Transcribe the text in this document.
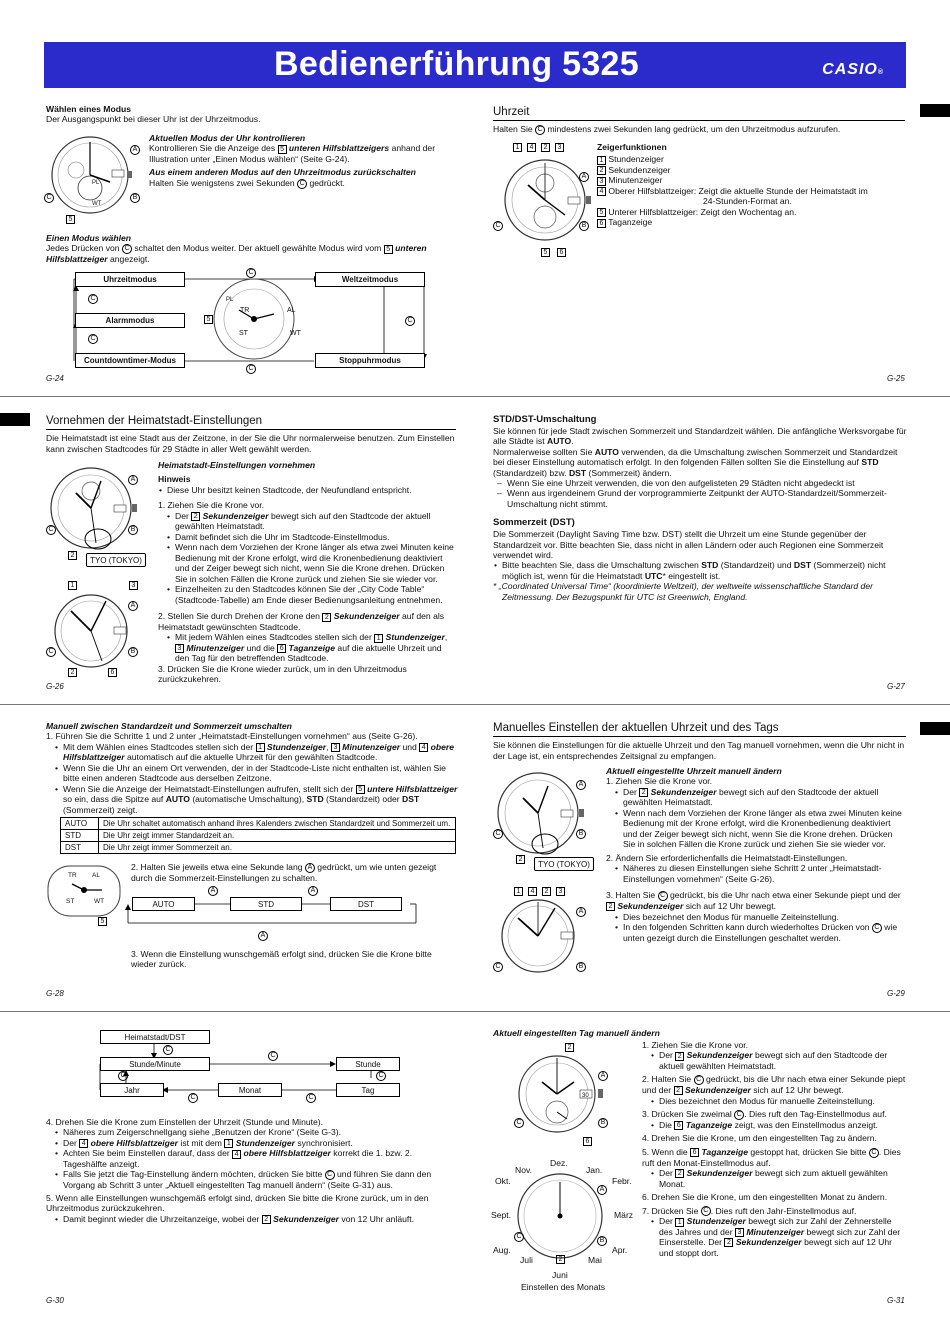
Bedienerführung 5325	CASIO®

Wählen eines Modus

Der Ausgangspunkt bei dieser Uhr ist der Uhrzeitmodus.

A
B
C
PL
WT
5

Aktuellen Modus der Uhr kontrollieren

Kontrollieren Sie die Anzeige des 5 unteren Hilfsblattzeigers anhand der Illustration unter „Einen Modus wählen“ (Seite G-24).

Aus einem anderen Modus auf den Uhrzeitmodus zurückschalten

Halten Sie wenigstens zwei Sekunden C gedrückt.

Einen Modus wählen

Jedes Drücken von C schaltet den Modus weiter. Der aktuell gewählte Modus wird vom 5 unteren Hilfsblattzeiger angezeigt.

Uhrzeitmodus	Weltzeitmodus
Alarmmodus
Countdowntimer-Modus	Stoppuhrmodus
C
C
C
C
C
5
TR	AL
ST	WT
PL
G-24

Uhrzeit

Halten Sie C mindestens zwei Sekunden lang gedrückt, um den Uhrzeitmodus aufzurufen.

1	4	2	3
A
B
C
5	6

Zeigerfunktionen

1 Stundenzeiger
2 Sekundenzeiger
3 Minutenzeiger
4 Oberer Hilfsblattzeiger: Zeigt die aktuelle Stunde der Heimatstadt im
24-Stunden-Format an.
5 Unterer Hilfsblattzeiger: Zeigt den Wochentag an.
6 Taganzeige
G-25

Vornehmen der Heimatstadt-Einstellungen

Die Heimatstadt ist eine Stadt aus der Zeitzone, in der Sie die Uhr normalerweise benutzen. Zum Einstellen kann zwischen Stadtcodes für 29 Städte in aller Welt gewählt werden.

A
B
C
2
TYO (TOKYO)
1	3
A
B
C
2	6

Heimatstadt-Einstellungen vornehmen

Hinweis

• Diese Uhr besitzt keinen Stadtcode, der Neufundland entspricht.

1. Ziehen Sie die Krone vor.

• Der 2 Sekundenzeiger bewegt sich auf den Stadtcode der aktuell gewählten Heimatstadt.
• Damit befindet sich die Uhr im Stadtcode-Einstellmodus.
• Wenn nach dem Vorziehen der Krone länger als etwa zwei Minuten keine Bedienung mit der Krone erfolgt, wird die Kronenbedienung deaktiviert und der Zeiger bewegt sich nicht, wenn Sie die Krone drehen. Drücken Sie in solchen Fällen die Krone zurück und ziehen Sie sie wieder vor.
• Einzelheiten zu den Stadtcodes können Sie der „City Code Table“ (Stadtcode-Tabelle) am Ende dieser Bedienungsanleitung entnehmen.

2. Stellen Sie durch Drehen der Krone den 2 Sekundenzeiger auf den als Heimatstadt gewünschten Stadtcode.

• Mit jedem Wählen eines Stadtcodes stellen sich der 1 Stundenzeiger, 3 Minutenzeiger und die 6 Taganzeige auf die aktuelle Uhrzeit und den Tag für den betreffenden Stadtcode.

3. Drücken Sie die Krone wieder zurück, um in den Uhrzeitmodus zurückzukehren.

G-26

STD/DST-Umschaltung

Sie können für jede Stadt zwischen Sommerzeit und Standardzeit wählen. Die anfängliche Werksvorgabe für alle Städte ist AUTO.

Normalerweise sollten Sie AUTO verwenden, da die Umschaltung zwischen Sommerzeit und Standardzeit bei dieser Einstellung automatisch erfolgt. In den folgenden Fällen sollten Sie die Einstellung auf STD (Standardzeit) bzw. DST (Sommerzeit) ändern.

– Wenn Sie eine Uhrzeit verwenden, die von den aufgelisteten 29 Städten nicht abgedeckt ist
– Wenn aus irgendeinem Grund der vorprogrammierte Zeitpunkt der AUTO-Standardzeit/Sommerzeit-Umschaltung nicht stimmt.

Sommerzeit (DST)

Die Sommerzeit (Daylight Saving Time bzw. DST) stellt die Uhrzeit um eine Stunde gegenüber der Standardzeit vor. Bitte beachten Sie, dass nicht in allen Ländern oder auch Regionen eine Sommerzeit verwendet wird.

• Bitte beachten Sie, dass die Umschaltung zwischen STD (Standardzeit) und DST (Sommerzeit) nicht möglich ist, wenn für die Heimatstadt UTC* eingestellt ist.

* „Coordinated Universal Time“ (koordinierte Weltzeit), der weltweite wissenschaftliche Standard der Zeitmessung. Der Bezugspunkt für UTC ist Greenwich, England.

G-27

Manuell zwischen Standardzeit und Sommerzeit umschalten

1. Führen Sie die Schritte 1 und 2 unter „Heimatstadt-Einstellungen vornehmen“ aus (Seite G-26).

• Mit dem Wählen eines Stadtcodes stellen sich der 1 Stundenzeiger, 3 Minutenzeiger und 4 obere Hilfsblattzeiger automatisch auf die aktuelle Uhrzeit für den gewählten Stadtcode.
• Wenn Sie die Uhr an einem Ort verwenden, der in der Stadtcode-Liste nicht enthalten ist, wählen Sie bitte einen anderen Stadtcode aus derselben Zeitzone.
• Wenn Sie die Anzeige der Heimatstadt-Einstellungen aufrufen, stellt sich der 5 untere Hilfsblattzeiger so ein, dass die Spitze auf AUTO (automatische Umschaltung), STD (Standardzeit) oder DST (Sommerzeit) zeigt.
AUTO	Die Uhr schaltet automatisch anhand ihres Kalenders zwischen Standardzeit und Sommerzeit um.
STD	Die Uhr zeigt immer Standardzeit an.
DST	Die Uhr zeigt immer Sommerzeit an.
TR AL
ST	WT
5

2. Halten Sie jeweils etwa eine Sekunde lang A gedrückt, um wie unten gezeigt durch die Sommerzeit-Einstellungen zu schalten.

AUTO	STD	DST
A	A
A
3. Wenn die Einstellung wunschgemäß erfolgt sind, drücken Sie die Krone bitte wieder zurück.
G-28

Manuelles Einstellen der aktuellen Uhrzeit und des Tags

Sie können die Einstellungen für die aktuelle Uhrzeit und den Tag manuell vornehmen, wenn die Uhr nicht in der Lage ist, ein entsprechendes Zeitsignal zu empfangen.

A
B
C
2
TYO (TOKYO)
1	4	2	3
A
B
C

Aktuell eingestellte Uhrzeit manuell ändern

1. Ziehen Sie die Krone vor.

• Der 2 Sekundenzeiger bewegt sich auf den Stadtcode der aktuell gewählten Heimatstadt.
• Wenn nach dem Vorziehen der Krone länger als etwa zwei Minuten keine Bedienung mit der Krone erfolgt, wird die Kronenbedienung deaktiviert und der Zeiger bewegt sich nicht, wenn Sie die Krone drehen. Drücken Sie in solchen Fällen die Krone zurück und ziehen Sie sie wieder vor.

2. Ändern Sie erforderlichenfalls die Heimatstadt-Einstellungen.

• Näheres zu diesen Einstellungen siehe Schritt 2 unter „Heimatstadt-Einstellungen vornehmen“ (Seite G-26).

3. Halten Sie C gedrückt, bis die Uhr nach etwa einer Sekunde piept und der 2 Sekundenzeiger sich auf 12 Uhr bewegt.

• Dies bezeichnet den Modus für manuelle Zeiteinstellung.
• In den folgenden Schritten kann durch wiederholtes Drücken von C wie unten gezeigt durch die Einstellungen geschaltet werden.
G-29
Heimatstadt/DST
Stunde/Minute	Stunde
Jahr	Monat	Tag
C
C
C
C
C	C

4. Drehen Sie die Krone zum Einstellen der Uhrzeit (Stunde und Minute).

• Näheres zum Zeigerschnellgang siehe „Benutzen der Krone“ (Seite G-3).
• Der 4 obere Hilfsblattzeiger ist mit dem 1 Stundenzeiger synchronisiert.
• Achten Sie beim Einstellen darauf, dass der 4 obere Hilfsblattzeiger korrekt die 1. bzw. 2. Tageshälfte anzeigt.
• Falls Sie jetzt die Tag-Einstellung ändern möchten, drücken Sie bitte C und führen Sie dann den Vorgang ab Schritt 3 unter „Aktuell eingestellten Tag manuell ändern“ (Seite G-31) aus.

5. Wenn alle Einstellungen wunschgemäß erfolgt sind, drücken Sie bitte die Krone zurück, um in den Uhrzeitmodus zurückzukehren.

• Damit beginnt wieder die Uhrzeitanzeige, wobei der 2 Sekundenzeiger von 12 Uhr anläuft.
G-30
Aktuell eingestellten Tag manuell ändern
2
30
A
B
C
6
Dez.
Jan.
Febr.
März
Apr.
Mai
Juni
Juli
Aug.
Sept.
Okt.
Nov.
A
B
C
2
Einstellen des Monats

1. Ziehen Sie die Krone vor.

• Der 2 Sekundenzeiger bewegt sich auf den Stadtcode der aktuell gewählten Heimatstadt.

2. Halten Sie C gedrückt, bis die Uhr nach etwa einer Sekunde piept und der 2 Sekundenzeiger sich auf 12 Uhr bewegt.

• Dies bezeichnet den Modus für manuelle Zeiteinstellung.

3. Drücken Sie zweimal C . Dies ruft den Tag-Einstellmodus auf.

• Die 6 Taganzeige zeigt, was den Einstellmodus anzeigt.

4. Drehen Sie die Krone, um den eingestellten Tag zu ändern.

5. Wenn die 6 Taganzeige gestoppt hat, drücken Sie bitte C . Dies ruft den Monat-Einstellmodus auf.

• Der 2 Sekundenzeiger bewegt sich zum aktuell gewählten Monat.

6. Drehen Sie die Krone, um den eingestellten Monat zu ändern.

7. Drücken Sie C . Dies ruft den Jahr-Einstellmodus auf.

• Der 1 Stundenzeiger bewegt sich zur Zahl der Zehnerstelle des Jahres und der 3 Minutenzeiger bewegt sich zur Zahl der Einserstelle. Der 2 Sekundenzeiger bewegt sich auf 12 Uhr und stoppt dort.
G-31
